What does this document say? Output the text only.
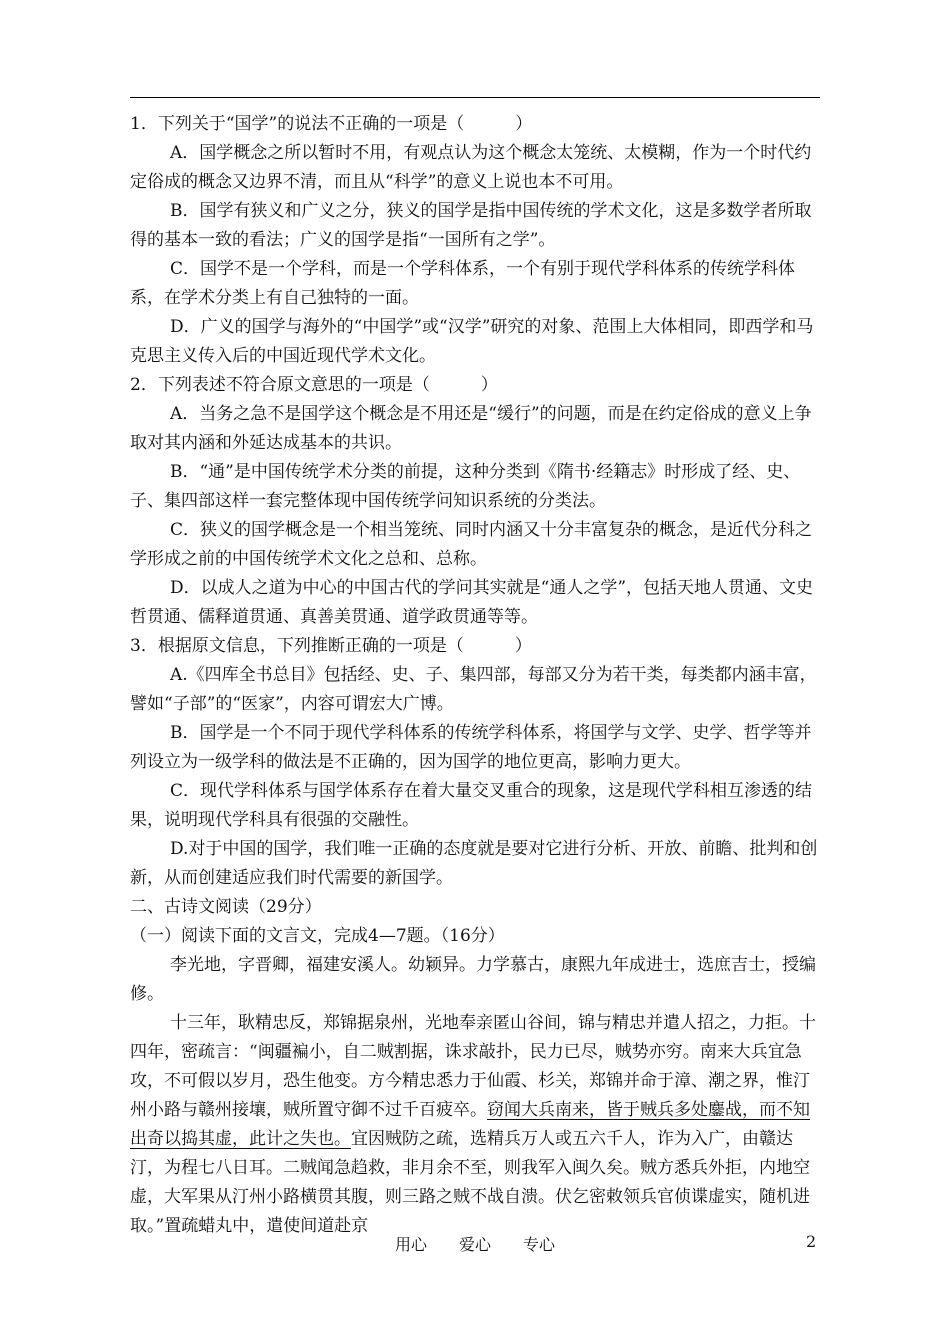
1．下列关于“国学”的说法不正确的一项是（　　　）

A．国学概念之所以暂时不用，有观点认为这个概念太笼统、太模糊，作为一个时代约定俗成的概念又边界不清，而且从“科学”的意义上说也本不可用。

B．国学有狭义和广义之分，狭义的国学是指中国传统的学术文化，这是多数学者所取得的基本一致的看法；广义的国学是指“一国所有之学”。

C．国学不是一个学科，而是一个学科体系，一个有别于现代学科体系的传统学科体系，在学术分类上有自己独特的一面。

D．广义的国学与海外的“中国学”或“汉学”研究的对象、范围上大体相同，即西学和马克思主义传入后的中国近现代学术文化。

2．下列表述不符合原文意思的一项是（　　　）

A．当务之急不是国学这个概念是不用还是“缓行”的问题，而是在约定俗成的意义上争取对其内涵和外延达成基本的共识。

B．“通”是中国传统学术分类的前提，这种分类到《隋书·经籍志》时形成了经、史、子、集四部这样一套完整体现中国传统学问知识系统的分类法。

C．狭义的国学概念是一个相当笼统、同时内涵又十分丰富复杂的概念，是近代分科之学形成之前的中国传统学术文化之总和、总称。

D．以成人之道为中心的中国古代的学问其实就是“通人之学”，包括天地人贯通、文史哲贯通、儒释道贯通、真善美贯通、道学政贯通等等。

3．根据原文信息，下列推断正确的一项是（　　　）

A.《四库全书总目》包括经、史、子、集四部，每部又分为若干类，每类都内涵丰富，譬如“子部”的“医家”，内容可谓宏大广博。

B．国学是一个不同于现代学科体系的传统学科体系，将国学与文学、史学、哲学等并列设立为一级学科的做法是不正确的，因为国学的地位更高，影响力更大。

C．现代学科体系与国学体系存在着大量交叉重合的现象，这是现代学科相互渗透的结果，说明现代学科具有很强的交融性。

D.对于中国的国学，我们唯一正确的态度就是要对它进行分析、开放、前瞻、批判和创新，从而创建适应我们时代需要的新国学。

二、古诗文阅读（29分）

（一）阅读下面的文言文，完成4—7题。（16分）

李光地，字晋卿，福建安溪人。幼颖异。力学慕古，康熙九年成进士，选庶吉士，授编修。

十三年，耿精忠反，郑锦据泉州，光地奉亲匿山谷间，锦与精忠并遣人招之，力拒。十四年，密疏言：“闽疆褊小，自二贼割据，诛求敲扑，民力已尽，贼势亦穷。南来大兵宜急攻，不可假以岁月，恐生他变。方今精忠悉力于仙霞、杉关，郑锦并命于漳、潮之界，惟汀州小路与赣州接壤，贼所置守御不过千百疲卒。窃闻大兵南来，皆于贼兵多处鏖战，而不知出奇以捣其虚，此计之失也。宜因贼防之疏，选精兵万人或五六千人，诈为入广，由赣达汀，为程七八日耳。二贼闻急趋救，非月余不至，则我军入闽久矣。贼方悉兵外拒，内地空虚，大军果从汀州小路横贯其腹，则三路之贼不战自溃。伏乞密敕领兵官侦谍虚实，随机进取。”置疏蜡丸中，遣使间道赴京

用心　　爱心　　专心	2
